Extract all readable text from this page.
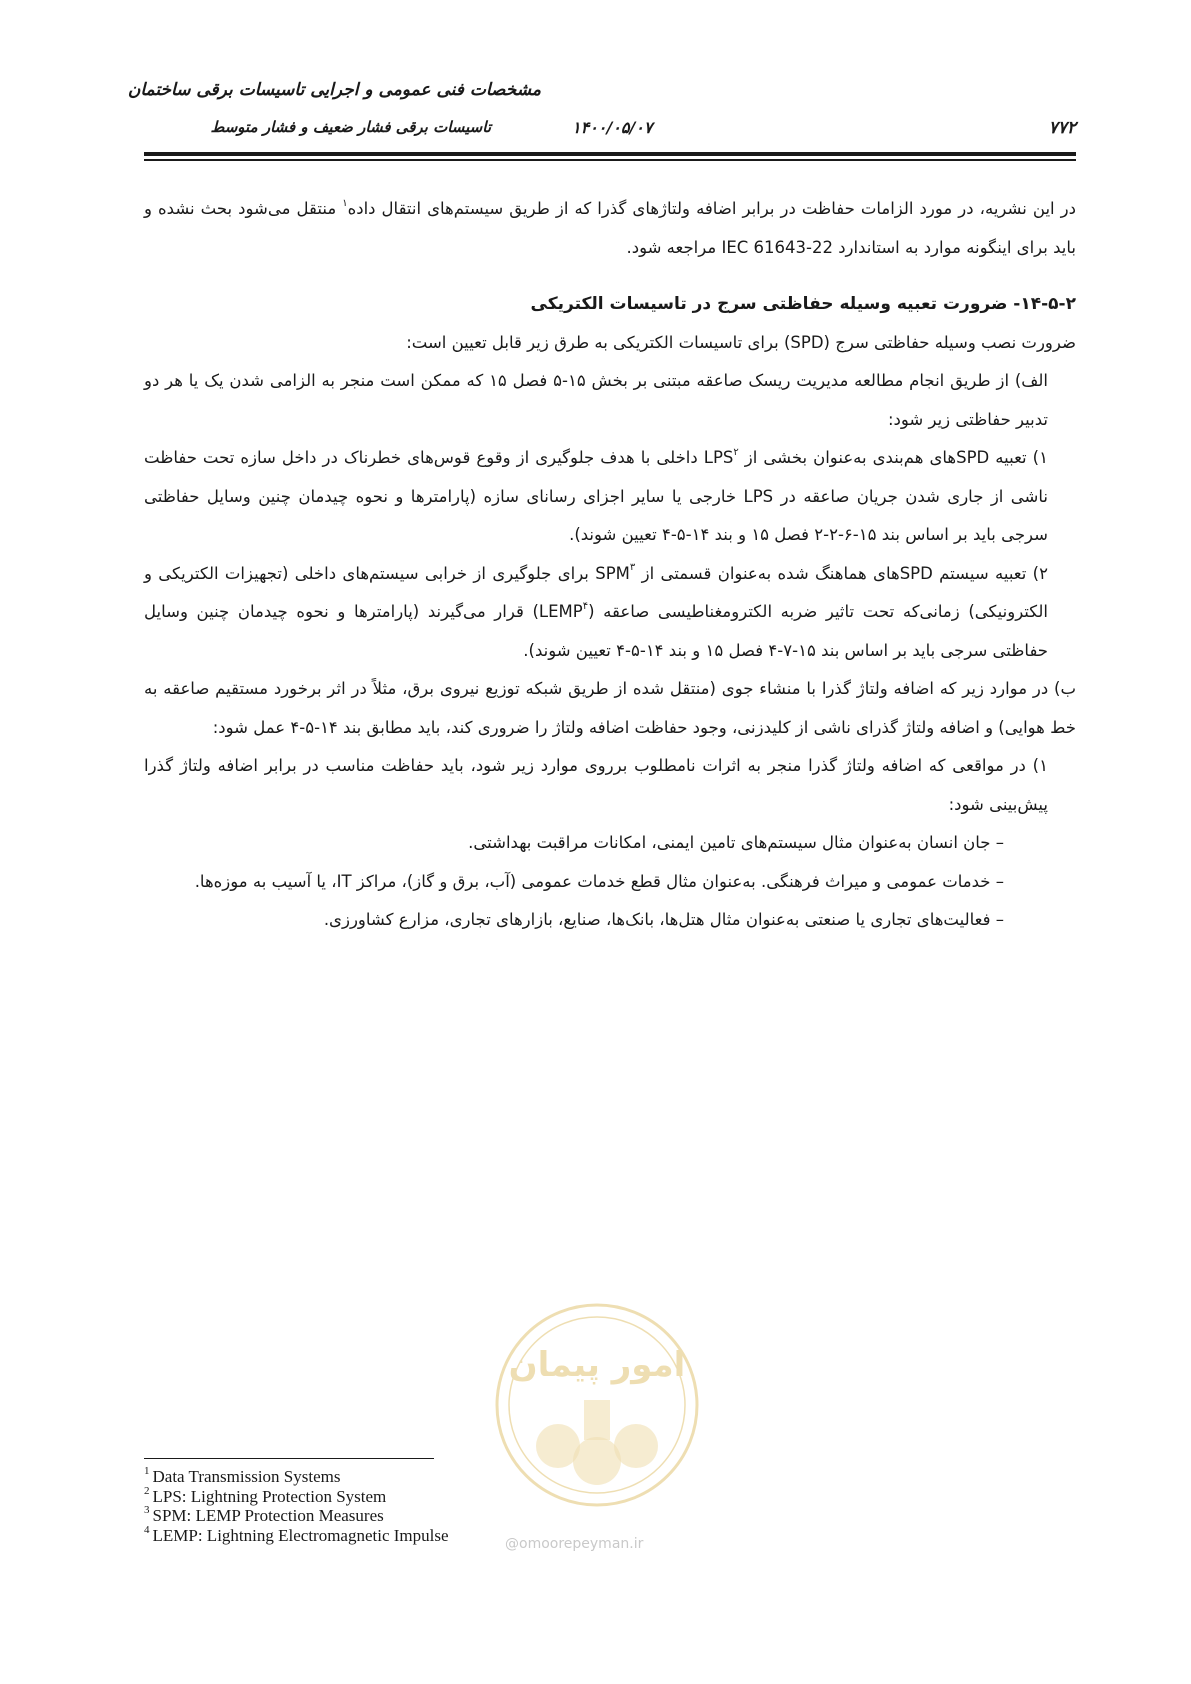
مشخصات فنی عمومی و اجرایی تاسیسات برقی ساختمان
تاسیسات برقی فشار ضعیف و فشار متوسط	۱۴۰۰/۰۵/۰۷	۷۷۲

در این نشریه، در مورد الزامات حفاظت در برابر اضافه ولتاژهای گذرا که از طریق سیستم‌های انتقال داده$^۱$ منتقل می‌شود بحث نشده و باید برای اینگونه موارد به استاندارد IEC 61643-22 مراجعه شود.

۱۴-۵-۲- ضرورت تعبیه وسیله حفاظتی سرج در تاسیسات الکتریکی

ضرورت نصب وسیله حفاظتی سرج (SPD) برای تاسیسات الکتریکی به طرق زیر قابل تعیین است:

الف) از طریق انجام مطالعه مدیریت ریسک صاعقه مبتنی بر بخش ۱۵-۵ فصل ۱۵ که ممکن است منجر به الزامی شدن یک یا هر دو تدبیر حفاظتی زیر شود:

۱) تعبیه SPDهای هم‌بندی به‌عنوان بخشی از LPS$^۲$ داخلی با هدف جلوگیری از وقوع قوس‌های خطرناک در داخل سازه تحت حفاظت ناشی از جاری شدن جریان صاعقه در LPS خارجی یا سایر اجزای رسانای سازه (پارامترها و نحوه چیدمان چنین وسایل حفاظتی سرجی باید بر اساس بند ۱۵-۶-۲-۲ فصل ۱۵ و بند ۱۴-۵-۴ تعیین شوند).

۲) تعبیه سیستم SPDهای هماهنگ شده به‌عنوان قسمتی از SPM$^۳$ برای جلوگیری از خرابی سیستم‌های داخلی (تجهیزات الکتریکی و الکترونیکی) زمانی‌که تحت تاثیر ضربه الکترومغناطیسی صاعقه (LEMP$^۴$) قرار می‌گیرند (پارامترها و نحوه چیدمان چنین وسایل حفاظتی سرجی باید بر اساس بند ۱۵-۷-۴ فصل ۱۵ و بند ۱۴-۵-۴ تعیین شوند).

ب) در موارد زیر که اضافه ولتاژ گذرا با منشاء جوی (منتقل شده از طریق شبکه توزیع نیروی برق، مثلاً در اثر برخورد مستقیم صاعقه به خط هوایی) و اضافه ولتاژ گذرای ناشی از کلیدزنی، وجود حفاظت اضافه ولتاژ را ضروری کند، باید مطابق بند ۱۴-۵-۴ عمل شود:

۱) در مواقعی که اضافه ولتاژ گذرا منجر به اثرات نامطلوب برروی موارد زیر شود، باید حفاظت مناسب در برابر اضافه ولتاژ گذرا پیش‌بینی شود:

– جان انسان به‌عنوان مثال سیستم‌های تامین ایمنی، امکانات مراقبت بهداشتی.

– خدمات عمومی و میراث فرهنگی. به‌عنوان مثال قطع خدمات عمومی (آب، برق و گاز)، مراکز IT، یا آسیب به موزه‌ها.

– فعالیت‌های تجاری یا صنعتی به‌عنوان مثال هتل‌ها، بانک‌ها، صنایع، بازارهای تجاری، مزارع کشاورزی.

امور پیمان
@omoorepeyman.ir
$^1$ Data Transmission Systems
$^2$ LPS: Lightning Protection System
$^3$ SPM: LEMP Protection Measures
$^4$ LEMP: Lightning Electromagnetic Impulse
